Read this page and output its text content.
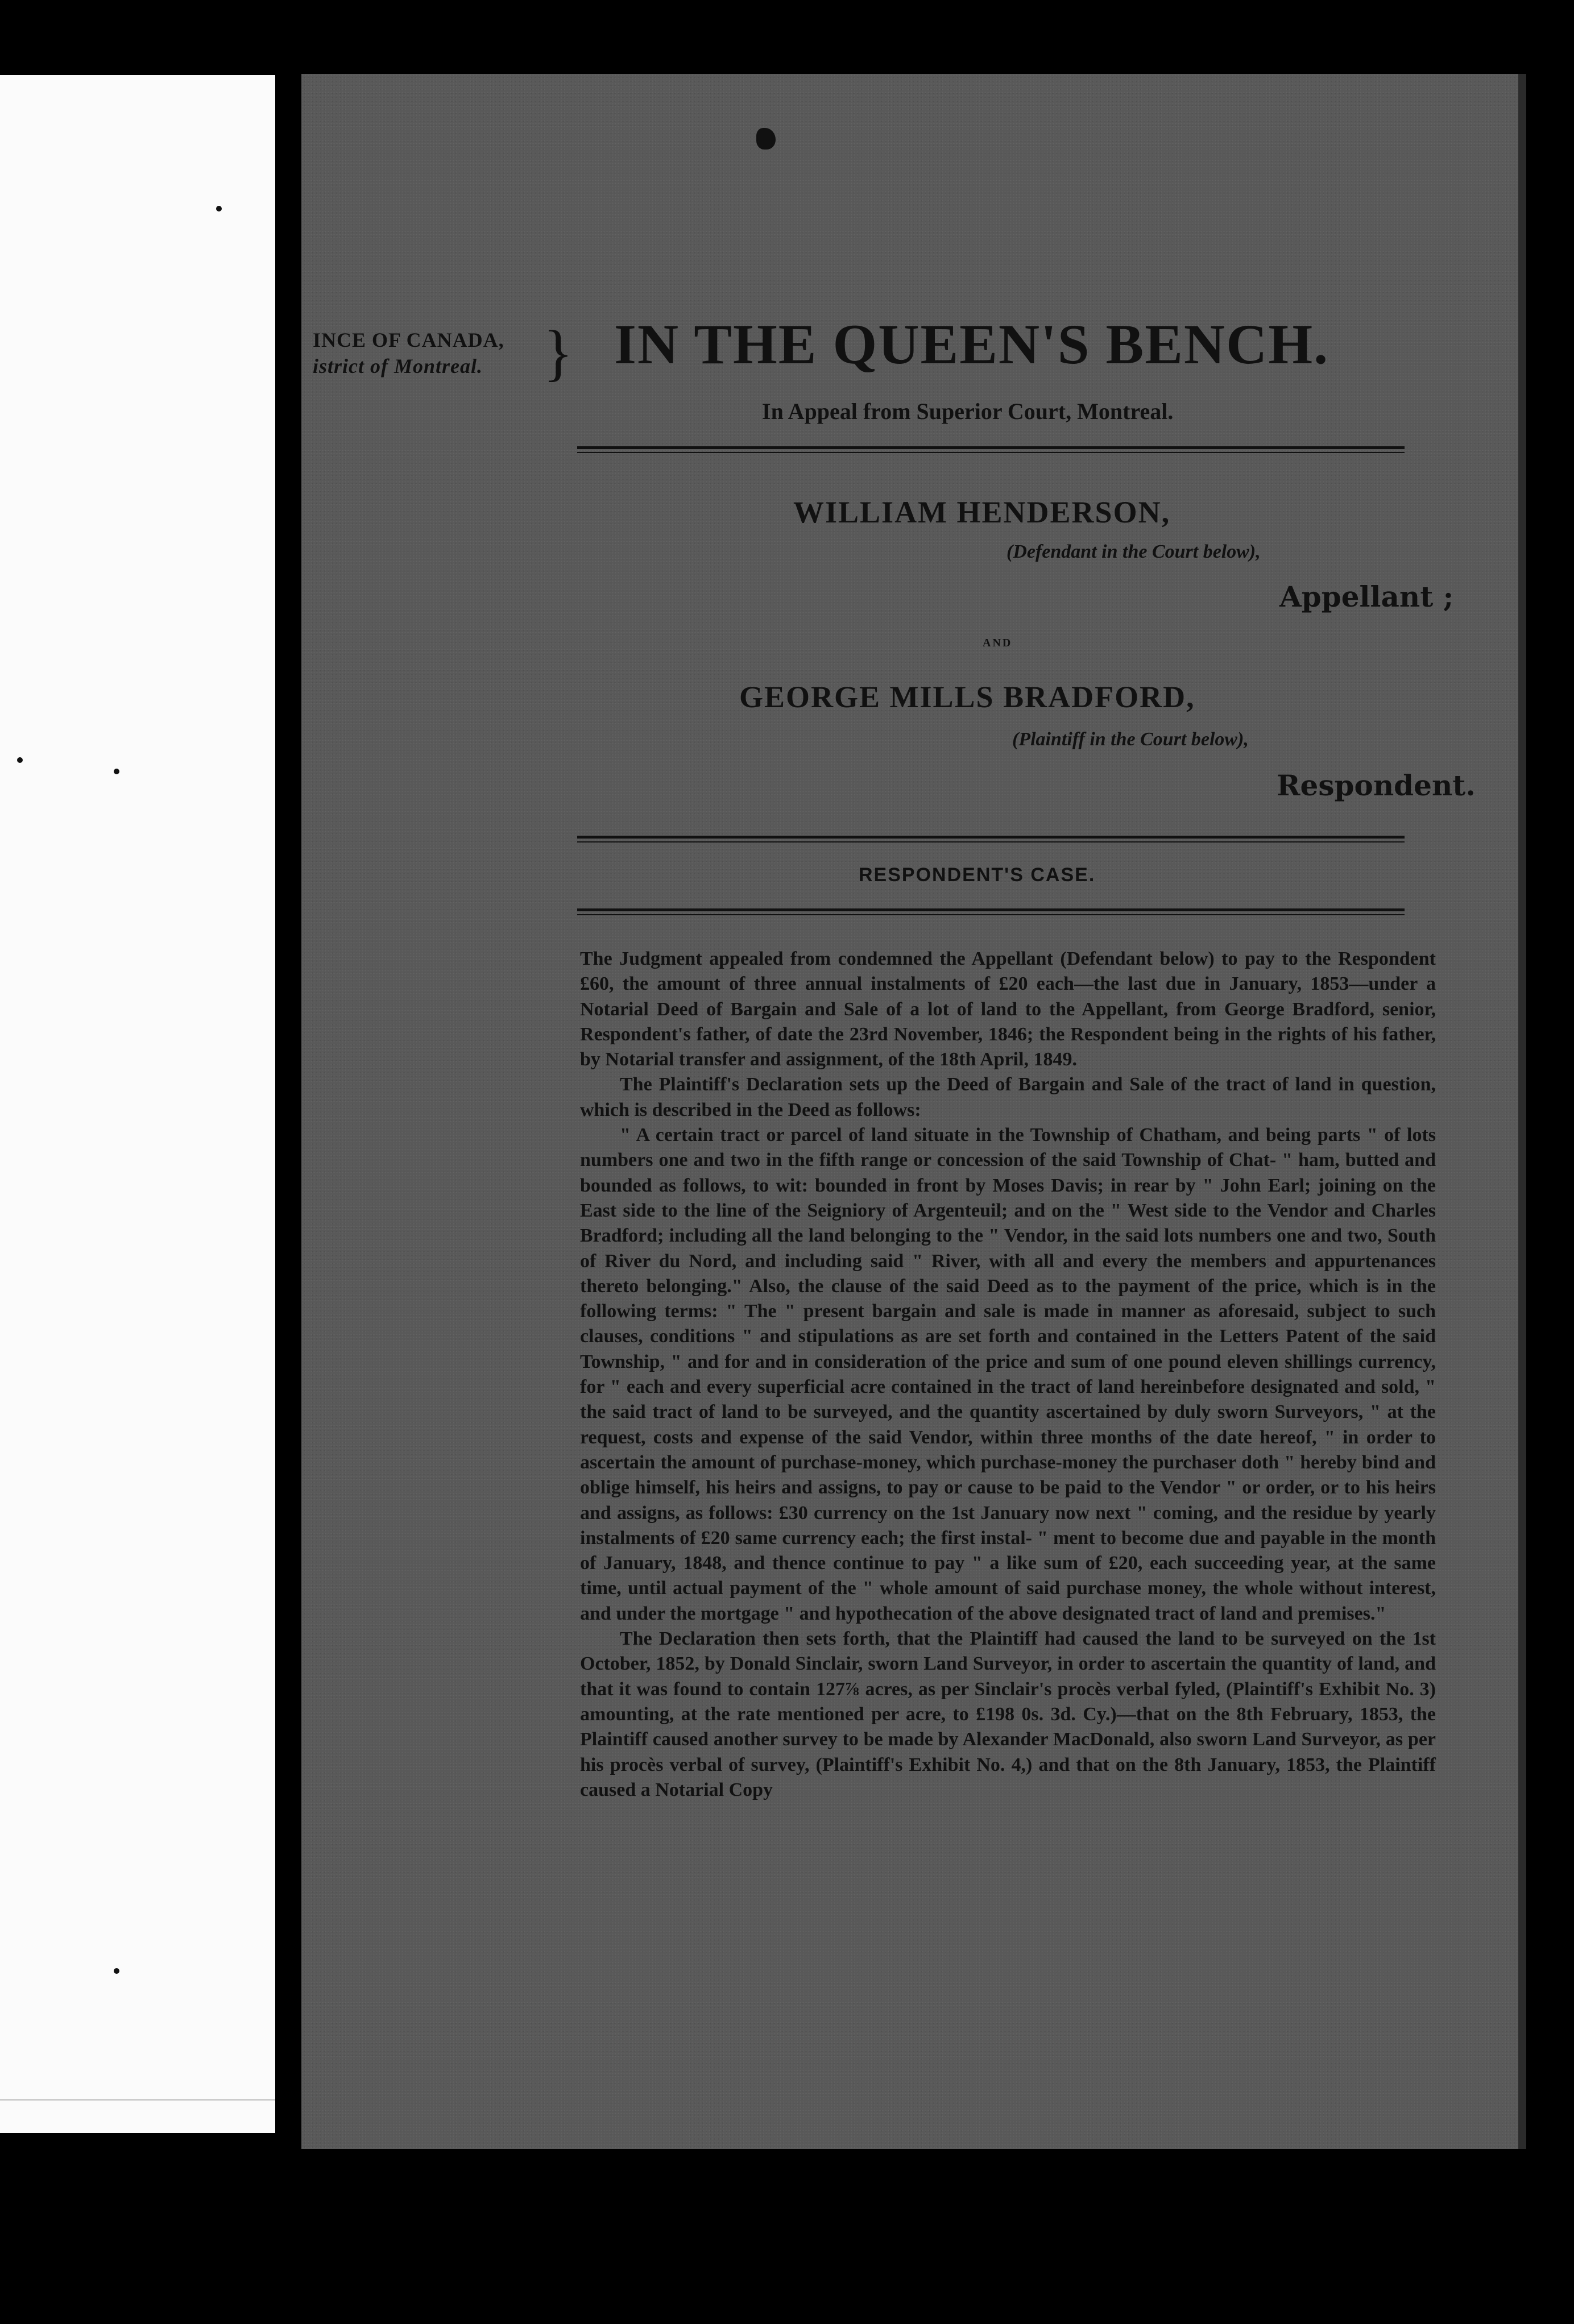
INCE OF CANADA,
istrict of Montreal. } IN THE QUEEN'S BENCH.
In Appeal from Superior Court, Montreal.
WILLIAM HENDERSON,
(Defendant in the Court below),
Appellant ;
AND
GEORGE MILLS BRADFORD,
(Plaintiff in the Court below),
Respondent.
RESPONDENT'S CASE.

The Judgment appealed from condemned the Appellant (Defendant below) to pay to the Respondent £60, the amount of three annual instalments of £20 each—the last due in January, 1853—under a Notarial Deed of Bargain and Sale of a lot of land to the Appellant, from George Bradford, senior, Respondent's father, of date the 23rd November, 1846; the Respondent being in the rights of his father, by Notarial transfer and assignment, of the 18th April, 1849.

The Plaintiff's Declaration sets up the Deed of Bargain and Sale of the tract of land in question, which is described in the Deed as follows:

" A certain tract or parcel of land situate in the Township of Chatham, and being parts " of lots numbers one and two in the fifth range or concession of the said Township of Chat- " ham, butted and bounded as follows, to wit: bounded in front by Moses Davis; in rear by " John Earl; joining on the East side to the line of the Seigniory of Argenteuil; and on the " West side to the Vendor and Charles Bradford; including all the land belonging to the " Vendor, in the said lots numbers one and two, South of River du Nord, and including said " River, with all and every the members and appurtenances thereto belonging." Also, the clause of the said Deed as to the payment of the price, which is in the following terms: " The " present bargain and sale is made in manner as aforesaid, subject to such clauses, conditions " and stipulations as are set forth and contained in the Letters Patent of the said Township, " and for and in consideration of the price and sum of one pound eleven shillings currency, for " each and every superficial acre contained in the tract of land hereinbefore designated and sold, " the said tract of land to be surveyed, and the quantity ascertained by duly sworn Surveyors, " at the request, costs and expense of the said Vendor, within three months of the date hereof, " in order to ascertain the amount of purchase-money, which purchase-money the purchaser doth " hereby bind and oblige himself, his heirs and assigns, to pay or cause to be paid to the Vendor " or order, or to his heirs and assigns, as follows: £30 currency on the 1st January now next " coming, and the residue by yearly instalments of £20 same currency each; the first instal- " ment to become due and payable in the month of January, 1848, and thence continue to pay " a like sum of £20, each succeeding year, at the same time, until actual payment of the " whole amount of said purchase money, the whole without interest, and under the mortgage " and hypothecation of the above designated tract of land and premises."

The Declaration then sets forth, that the Plaintiff had caused the land to be surveyed on the 1st October, 1852, by Donald Sinclair, sworn Land Surveyor, in order to ascertain the quantity of land, and that it was found to contain 127⅞ acres, as per Sinclair's procès verbal fyled, (Plaintiff's Exhibit No. 3) amounting, at the rate mentioned per acre, to £198 0s. 3d. Cy.)—that on the 8th February, 1853, the Plaintiff caused another survey to be made by Alexander MacDonald, also sworn Land Surveyor, as per his procès verbal of survey, (Plaintiff's Exhibit No. 4,) and that on the 8th January, 1853, the Plaintiff caused a Notarial Copy
